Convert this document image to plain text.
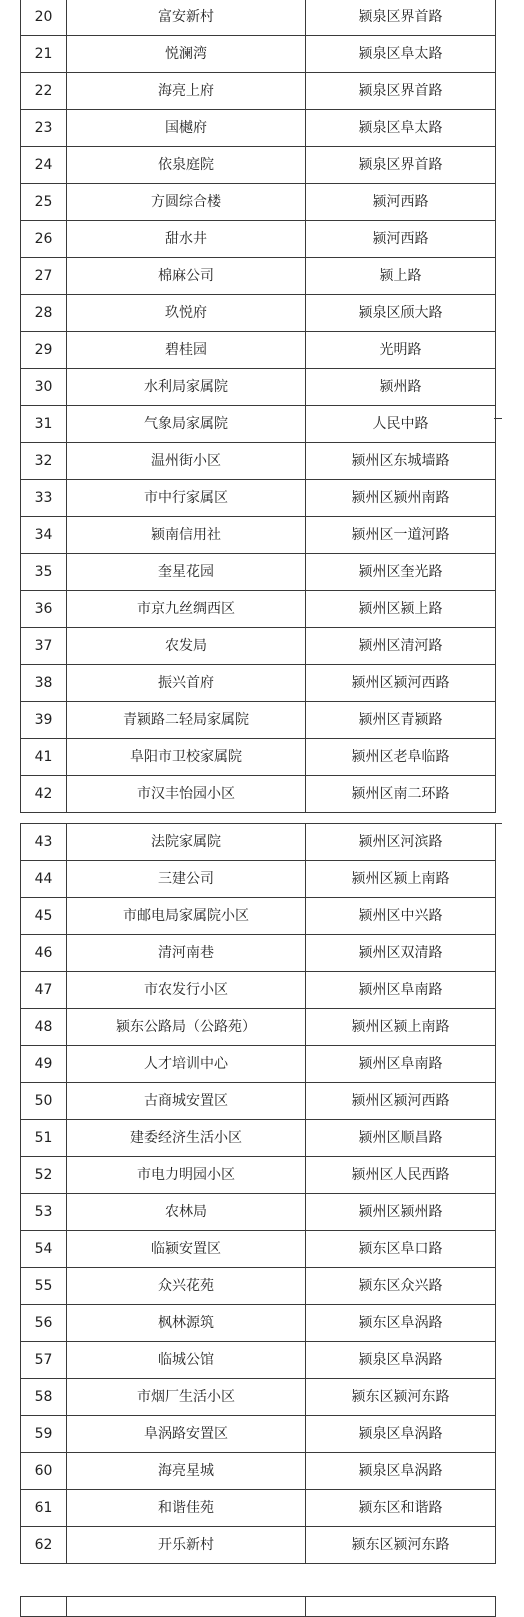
20	富安新村	颍泉区界首路
21	悦澜湾	颍泉区阜太路
22	海亮上府	颍泉区界首路
23	国樾府	颍泉区阜太路
24	依泉庭院	颍泉区界首路
25	方圆综合楼	颍河西路
26	甜水井	颍河西路
27	棉麻公司	颍上路
28	玖悦府	颍泉区颀大路
29	碧桂园	光明路
30	水利局家属院	颍州路
31	气象局家属院	人民中路
32	温州街小区	颍州区东城墙路
33	市中行家属区	颍州区颍州南路
34	颍南信用社	颍州区一道河路
35	奎星花园	颍州区奎光路
36	市京九丝绸西区	颍州区颍上路
37	农发局	颍州区清河路
38	振兴首府	颍州区颍河西路
39	青颍路二轻局家属院	颍州区青颍路
41	阜阳市卫校家属院	颍州区老阜临路
42	市汉丰怡园小区	颍州区南二环路
43	法院家属院	颍州区河滨路
44	三建公司	颍州区颍上南路
45	市邮电局家属院小区	颍州区中兴路
46	清河南巷	颍州区双清路
47	市农发行小区	颍州区阜南路
48	颍东公路局（公路苑）	颍州区颍上南路
49	人才培训中心	颍州区阜南路
50	古商城安置区	颍州区颍河西路
51	建委经济生活小区	颍州区顺昌路
52	市电力明园小区	颍州区人民西路
53	农林局	颍州区颍州路
54	临颍安置区	颍东区阜口路
55	众兴花苑	颍东区众兴路
56	枫林源筑	颍东区阜涡路
57	临城公馆	颍泉区阜涡路
58	市烟厂生活小区	颍东区颍河东路
59	阜涡路安置区	颍泉区阜涡路
60	海亮星城	颍泉区阜涡路
61	和谐佳苑	颍东区和谐路
62	开乐新村	颍东区颍河东路
